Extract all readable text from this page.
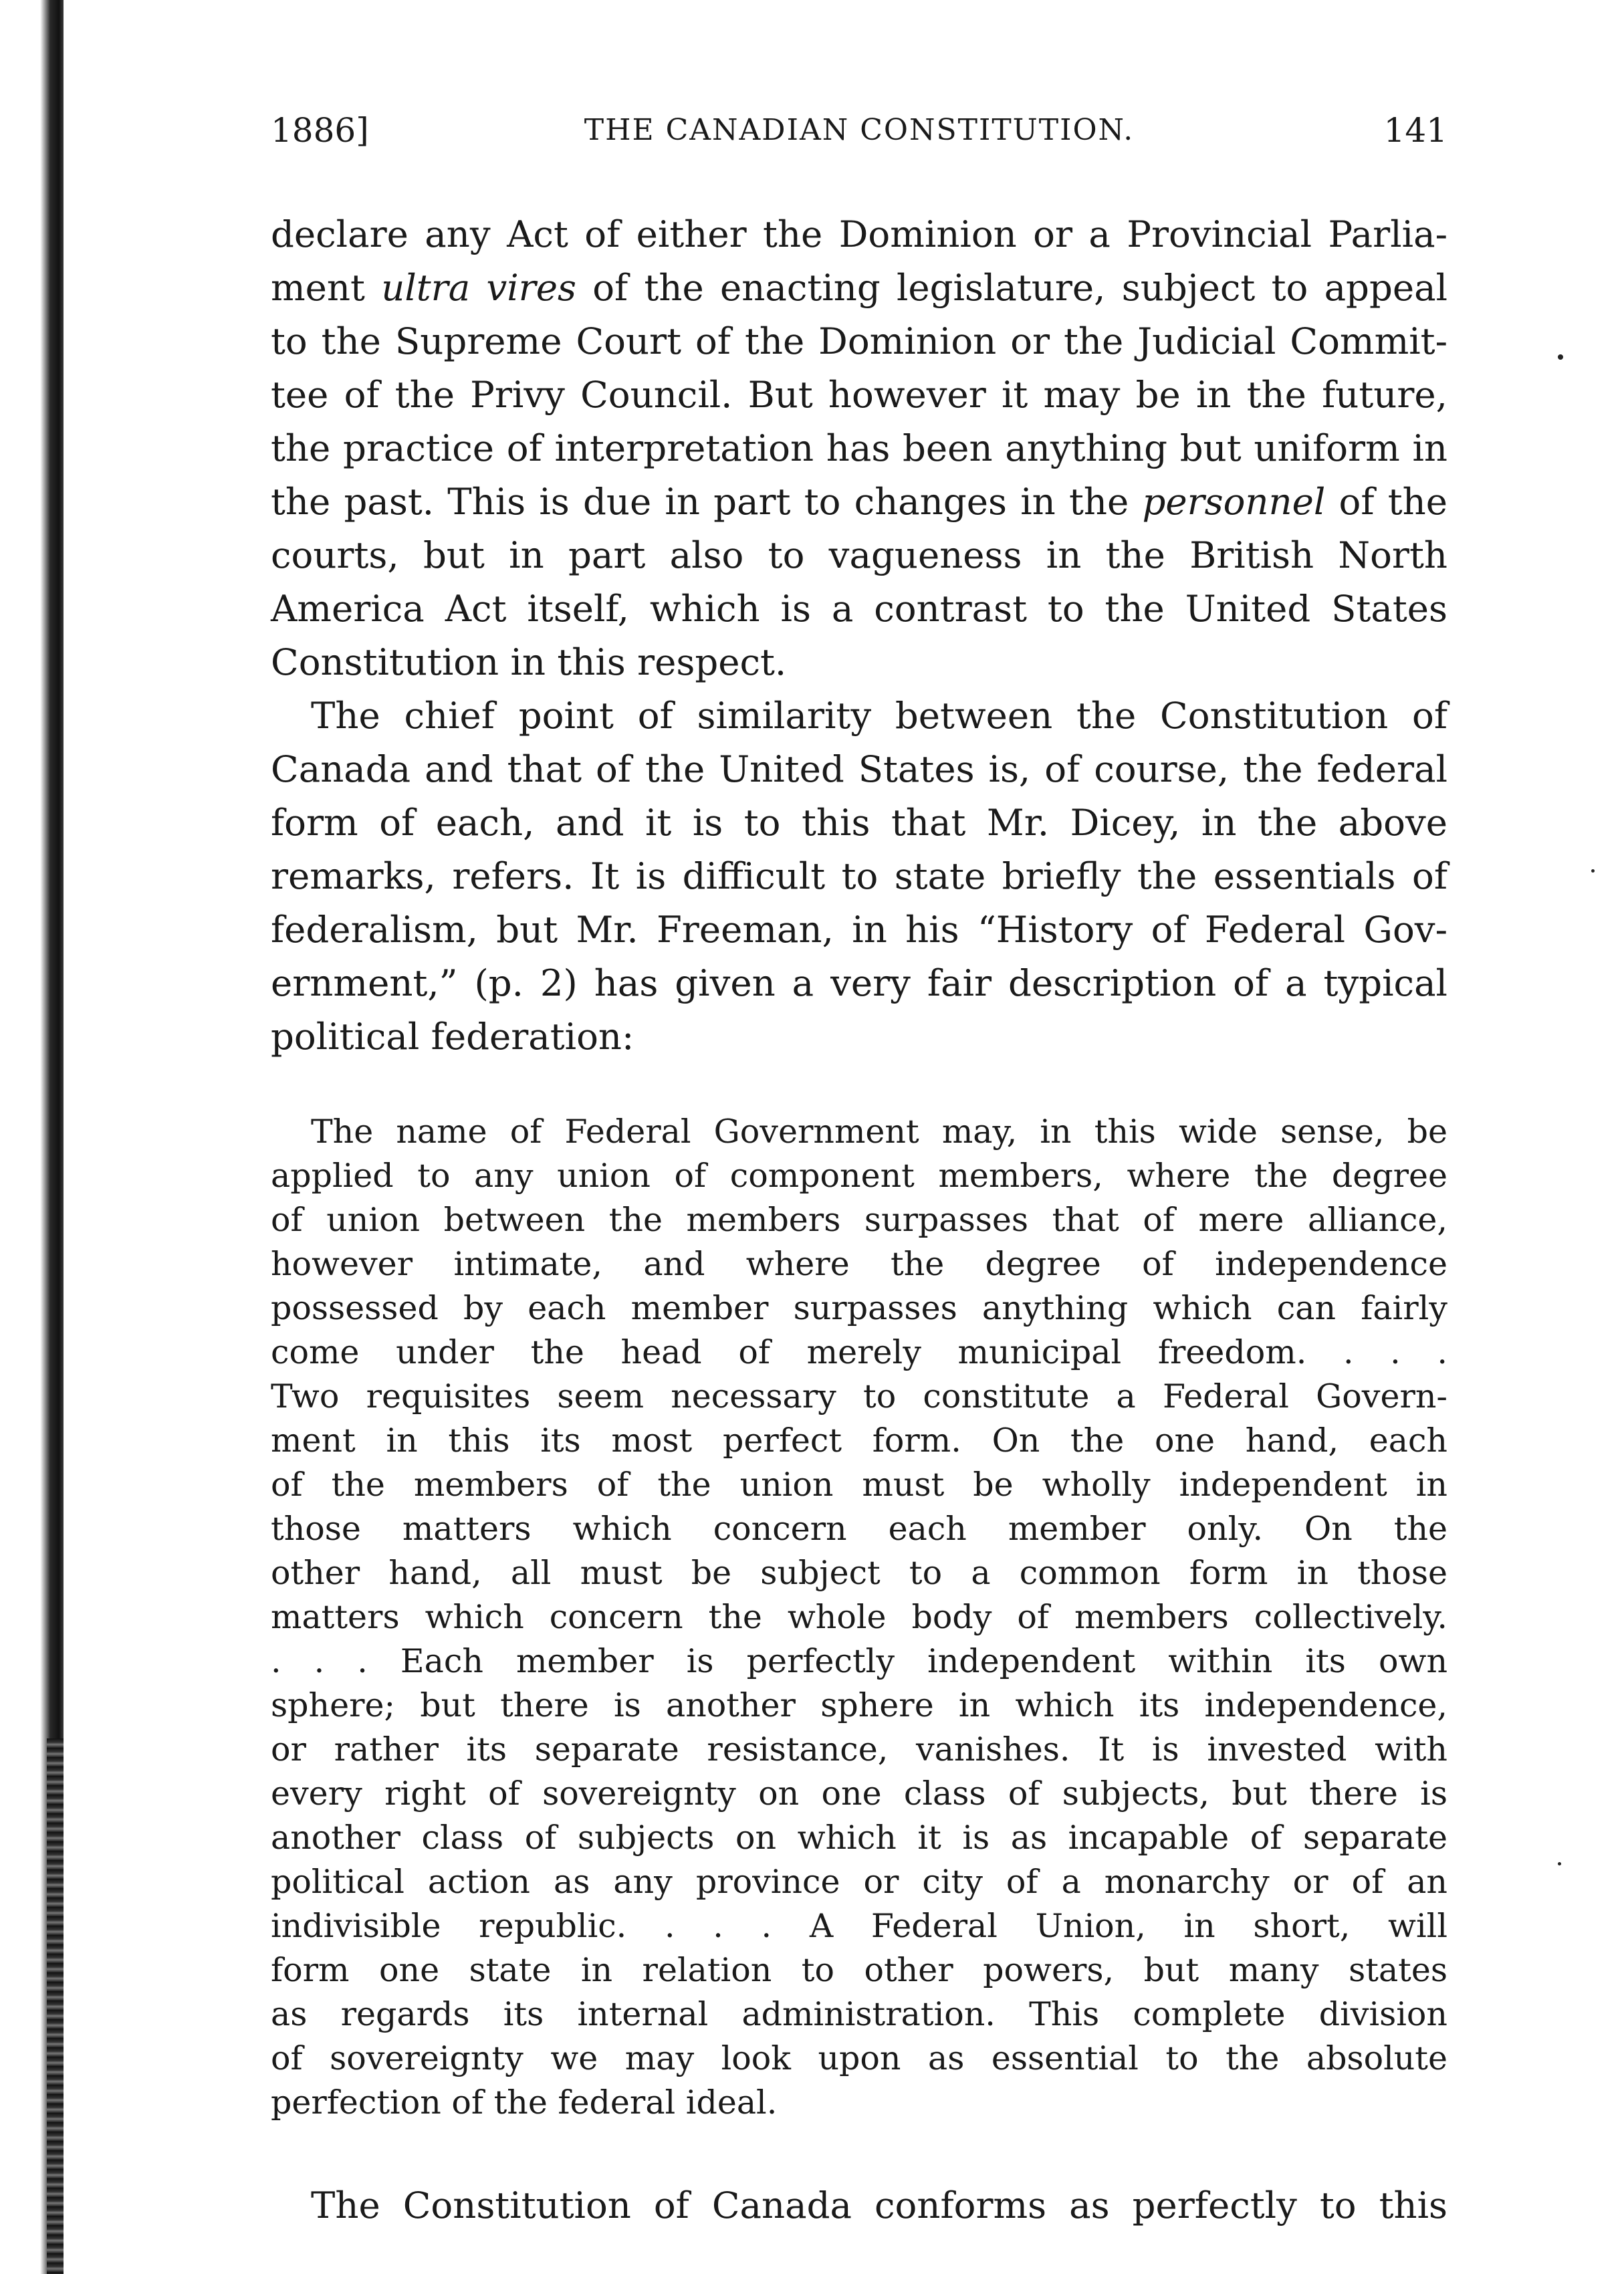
1886]	THE CANADIAN CONSTITUTION.	141
declare any Act of either the Dominion or a Provincial Parlia-
ment ultra vires of the enacting legislature, subject to appeal
to the Supreme Court of the Dominion or the Judicial Commit-
tee of the Privy Council. But however it may be in the future,
the practice of interpretation has been anything but uniform in
the past. This is due in part to changes in the personnel of the
courts, but in part also to vagueness in the British North
America Act itself, which is a contrast to the United States
Constitution in this respect.
The chief point of similarity between the Constitution of
Canada and that of the United States is, of course, the federal
form of each, and it is to this that Mr. Dicey, in the above
remarks, refers. It is difficult to state briefly the essentials of
federalism, but Mr. Freeman, in his “History of Federal Gov-
ernment,” (p. 2) has given a very fair description of a typical
political federation:
The name of Federal Government may, in this wide sense, be
applied to any union of component members, where the degree
of union between the members surpasses that of mere alliance,
however intimate, and where the degree of independence
possessed by each member surpasses anything which can fairly
come under the head of merely municipal freedom. . . .
Two requisites seem necessary to constitute a Federal Govern-
ment in this its most perfect form. On the one hand, each
of the members of the union must be wholly independent in
those matters which concern each member only. On the
other hand, all must be subject to a common form in those
matters which concern the whole body of members collectively.
. . . Each member is perfectly independent within its own
sphere; but there is another sphere in which its independence,
or rather its separate resistance, vanishes. It is invested with
every right of sovereignty on one class of subjects, but there is
another class of subjects on which it is as incapable of separate
political action as any province or city of a monarchy or of an
indivisible republic. . . . A Federal Union, in short, will
form one state in relation to other powers, but many states
as regards its internal administration. This complete division
of sovereignty we may look upon as essential to the absolute
perfection of the federal ideal.
The Constitution of Canada conforms as perfectly to this
